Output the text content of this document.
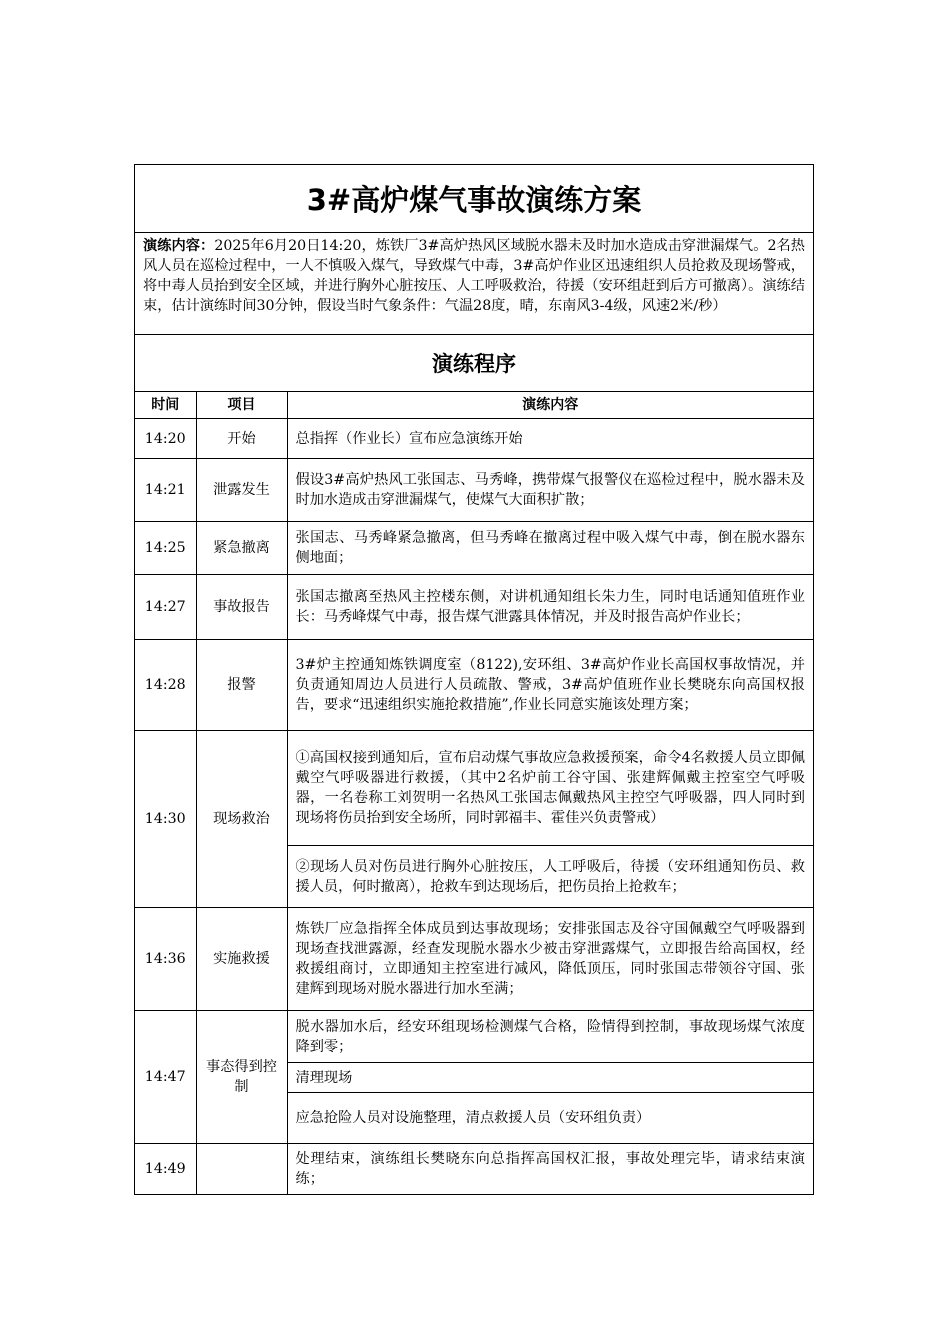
3#高炉煤气事故演练方案
演练内容：2025年6月20日14:20，炼铁厂3#高炉热风区域脱水器未及时加水造成击穿泄漏煤气。2名热风人员在巡检过程中，一人不慎吸入煤气，导致煤气中毒，3#高炉作业区迅速组织人员抢救及现场警戒，将中毒人员抬到安全区域，并进行胸外心脏按压、人工呼吸救治，待援（安环组赶到后方可撤离）。演练结束，估计演练时间30分钟，假设当时气象条件：气温28度，晴，东南风3-4级，风速2米/秒）
演练程序
时间	项目	演练内容
14:20	开始	总指挥（作业长）宣布应急演练开始
14:21	泄露发生	假设3#高炉热风工张国志、马秀峰，携带煤气报警仪在巡检过程中，脱水器未及时加水造成击穿泄漏煤气，使煤气大面积扩散；
14:25	紧急撤离	张国志、马秀峰紧急撤离，但马秀峰在撤离过程中吸入煤气中毒，倒在脱水器东侧地面；
14:27	事故报告	张国志撤离至热风主控楼东侧，对讲机通知组长朱力生，同时电话通知值班作业长：马秀峰煤气中毒，报告煤气泄露具体情况，并及时报告高炉作业长；
14:28	报警	3#炉主控通知炼铁调度室（8122),安环组、3#高炉作业长高国权事故情况，并负责通知周边人员进行人员疏散、警戒，3#高炉值班作业长樊晓东向高国权报告，要求“迅速组织实施抢救措施”,作业长同意实施该处理方案；
14:30	现场救治	①高国权接到通知后，宣布启动煤气事故应急救援预案，命令4名救援人员立即佩戴空气呼吸器进行救援，（其中2名炉前工谷守国、张建辉佩戴主控室空气呼吸器，一名卷称工刘贺明一名热风工张国志佩戴热风主控空气呼吸器，四人同时到现场将伤员抬到安全场所，同时郭福丰、霍佳兴负责警戒）
		②现场人员对伤员进行胸外心脏按压，人工呼吸后，待援（安环组通知伤员、救援人员，何时撤离），抢救车到达现场后，把伤员抬上抢救车；
14:36	实施救援	炼铁厂应急指挥全体成员到达事故现场；安排张国志及谷守国佩戴空气呼吸器到现场查找泄露源，经查发现脱水器水少被击穿泄露煤气，立即报告给高国权，经救援组商讨，立即通知主控室进行减风，降低顶压，同时张国志带领谷守国、张建辉到现场对脱水器进行加水至满；
14:47	事态得到控制	脱水器加水后，经安环组现场检测煤气合格，险情得到控制，事故现场煤气浓度降到零；
		清理现场
		应急抢险人员对设施整理，清点救援人员（安环组负责）
14:49		处理结束，演练组长樊晓东向总指挥高国权汇报，事故处理完毕，请求结束演练；
